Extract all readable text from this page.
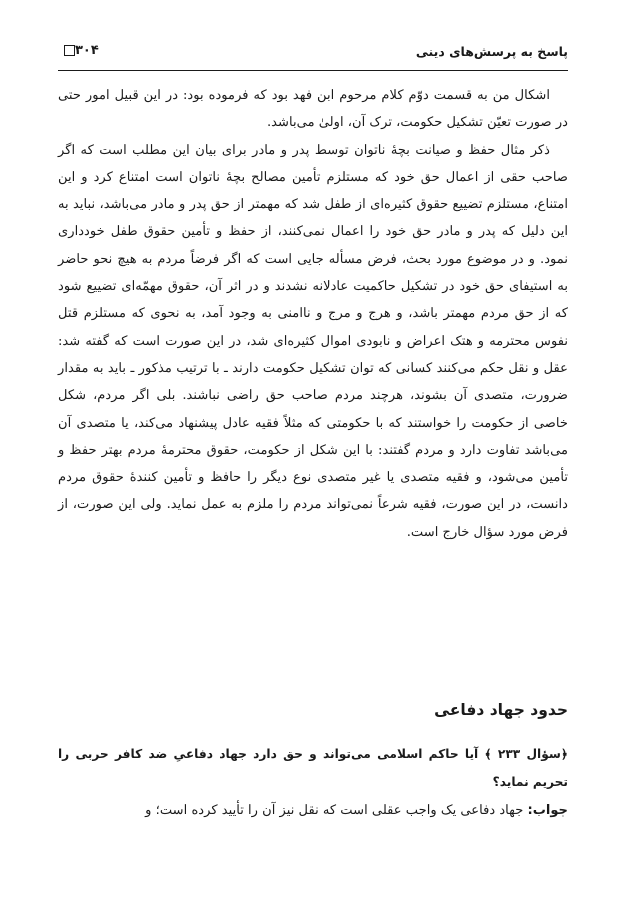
پاسخ به پرسش‌های دینی
۳۰۴

اشکال من به قسمت دوّم کلام مرحوم ابن فهد بود که فرموده بود: در این قبیل امور حتی در صورت تعیّن تشکیل حکومت، ترک آن، اولیٰ می‌باشد.

ذکر مثال حفظ و صیانت بچهٔ ناتوان توسط پدر و مادر برای بیان این مطلب است که اگر صاحب حقی از اعمال حق خود که مستلزم تأمین مصالح بچهٔ ناتوان است امتناع کرد و این امتناع، مستلزم تضییع حقوق کثیره‌ای از طفل شد که مهمتر از حق پدر و مادر می‌باشد، نباید به این دلیل که پدر و مادر حق خود را اعمال نمی‌کنند، از حفظ و تأمین حقوق طفل خودداری نمود. و در موضوع مورد بحث، فرض مسأله جایی است که اگر فرضاً مردم به هیچ نحو حاضر به استیفای حق خود در تشکیل حاکمیت عادلانه نشدند و در اثر آن، حقوق مهمّه‌ای تضییع شود که از حق مردم مهمتر باشد، و هرج و مرج و ناامنی به وجود آمد، به نحوی که مستلزم قتل نفوس محترمه و هتک اعراض و نابودی اموال کثیره‌ای شد، در این صورت است که گفته شد: عقل و نقل حکم می‌کنند کسانی که توان تشکیل حکومت دارند ـ با ترتیب مذکور ـ باید به مقدار ضرورت، متصدی آن بشوند، هرچند مردم صاحب حق راضی نباشند. بلی اگر مردم، شکل خاصی از حکومت را خواستند که با حکومتی که مثلاً فقیه عادل پیشنهاد می‌کند، یا متصدی آن می‌باشد تفاوت دارد و مردم گفتند: با این شکل از حکومت، حقوق محترمهٔ مردم بهتر حفظ و تأمین می‌شود، و فقیه متصدی یا غیر متصدی نوع دیگر را حافظ و تأمین کنندهٔ حقوق مردم دانست، در این صورت، فقیه شرعاً نمی‌تواند مردم را ملزم به عمل نماید. ولی این صورت، از فرض مورد سؤال خارج است.

حدود جهاد دفاعی
﴿سؤال ۲۳۳ ﴾ آیا حاکم اسلامی می‌تواند و حق دارد جهاد دفاعیِ ضد کافر حربی را تحریم نماید؟
جواب: جهاد دفاعی یک واجب عقلی است که نقل نیز آن را تأیید کرده است؛ و
